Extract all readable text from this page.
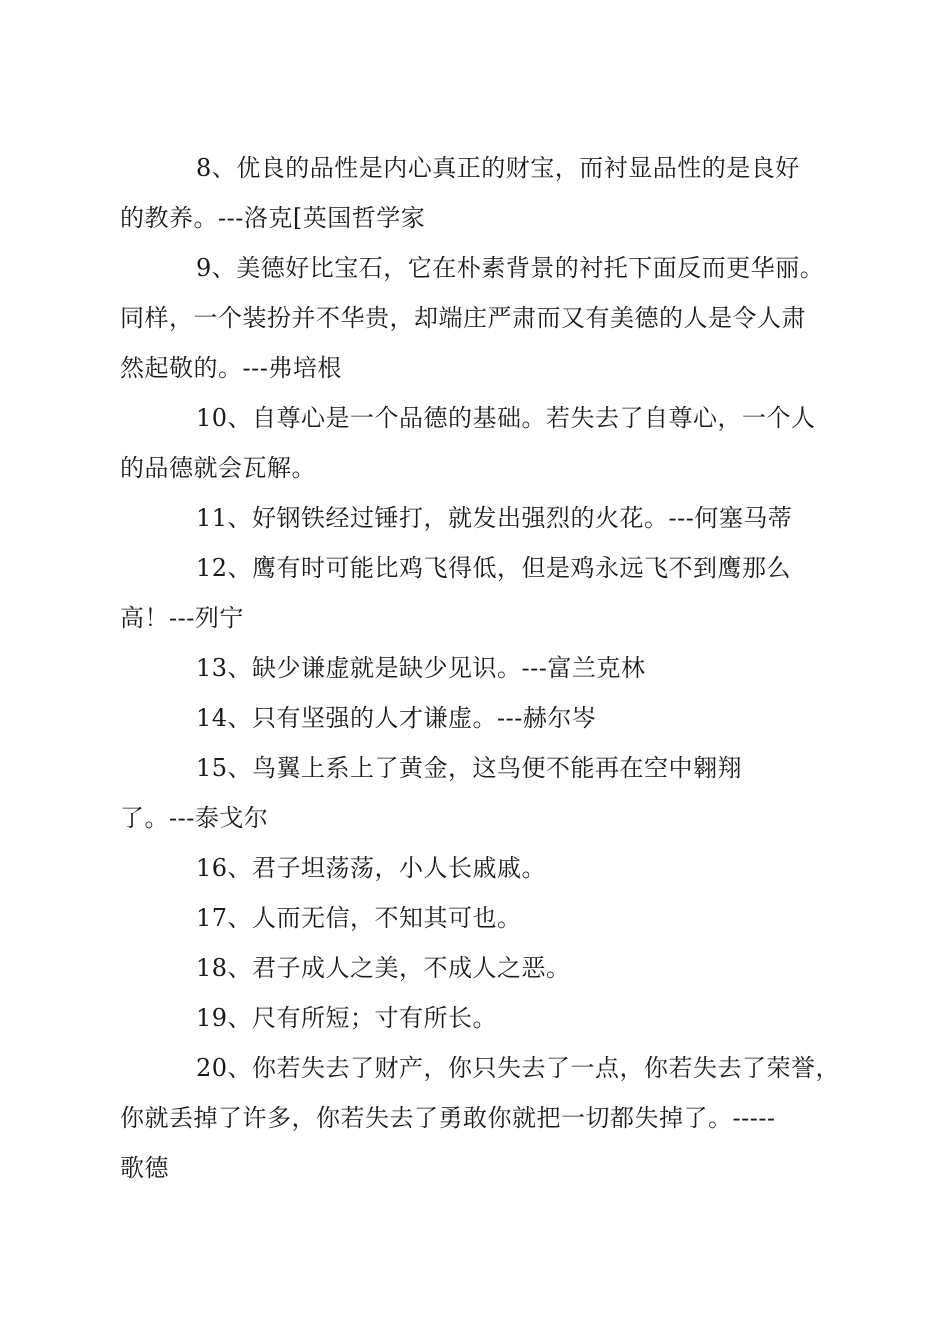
8、优良的品性是内心真正的财宝，而衬显品性的是良好
的教养。---洛克[英国哲学家

9、美德好比宝石，它在朴素背景的衬托下面反而更华丽。
同样，一个装扮并不华贵，却端庄严肃而又有美德的人是令人肃
然起敬的。---弗培根

10、自尊心是一个品德的基础。若失去了自尊心，一个人
的品德就会瓦解。

11、好钢铁经过锤打，就发出强烈的火花。---何塞马蒂

12、鹰有时可能比鸡飞得低，但是鸡永远飞不到鹰那么
高！---列宁

13、缺少谦虚就是缺少见识。---富兰克林

14、只有坚强的人才谦虚。---赫尔岑

15、鸟翼上系上了黄金，这鸟便不能再在空中翱翔
了。---泰戈尔

16、君子坦荡荡，小人长戚戚。

17、人而无信，不知其可也。

18、君子成人之美，不成人之恶。

19、尺有所短；寸有所长。

20、你若失去了财产，你只失去了一点，你若失去了荣誉，
你就丢掉了许多，你若失去了勇敢你就把一切都失掉了。-----
歌德
